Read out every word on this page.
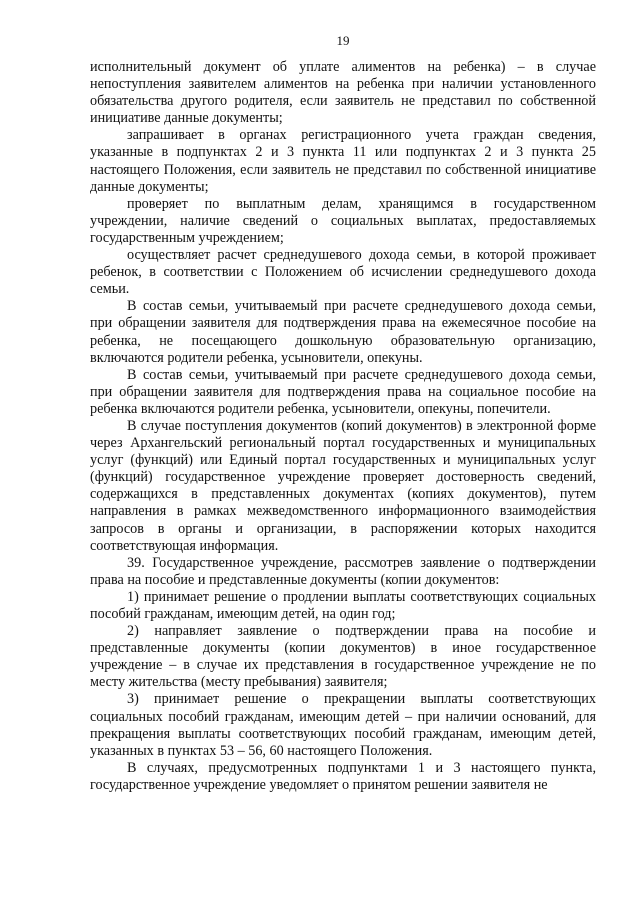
19

исполнительный документ об уплате алиментов на ребенка) – в случае непоступления заявителем алиментов на ребенка при наличии установленного обязательства другого родителя, если заявитель не представил по собственной инициативе данные документы;

запрашивает в органах регистрационного учета граждан сведения, указанные в подпунктах 2 и 3 пункта 11 или подпунктах 2 и 3 пункта 25 настоящего Положения, если заявитель не представил по собственной инициативе данные документы;

проверяет по выплатным делам, хранящимся в государственном учреждении, наличие сведений о социальных выплатах, предоставляемых государственным учреждением;

осуществляет расчет среднедушевого дохода семьи, в которой проживает ребенок, в соответствии с Положением об исчислении среднедушевого дохода семьи.

В состав семьи, учитываемый при расчете среднедушевого дохода семьи, при обращении заявителя для подтверждения права на ежемесячное пособие на ребенка, не посещающего дошкольную образовательную организацию, включаются родители ребенка, усыновители, опекуны.

В состав семьи, учитываемый при расчете среднедушевого дохода семьи, при обращении заявителя для подтверждения права на социальное пособие на ребенка включаются родители ребенка, усыновители, опекуны, попечители.

В случае поступления документов (копий документов) в электронной форме через Архангельский региональный портал государственных и муниципальных услуг (функций) или Единый портал государственных и муниципальных услуг (функций) государственное учреждение проверяет достоверность сведений, содержащихся в представленных документах (копиях документов), путем направления в рамках межведомственного информационного взаимодействия запросов в органы и организации, в распоряжении которых находится соответствующая информация.

39. Государственное учреждение, рассмотрев заявление о подтверждении права на пособие и представленные документы (копии документов:

1) принимает решение о продлении выплаты соответствующих социальных пособий гражданам, имеющим детей, на один год;

2) направляет заявление о подтверждении права на пособие и представленные документы (копии документов) в иное государственное учреждение – в случае их представления в государственное учреждение не по месту жительства (месту пребывания) заявителя;

3) принимает решение о прекращении выплаты соответствующих социальных пособий гражданам, имеющим детей – при наличии оснований, для прекращения выплаты соответствующих пособий гражданам, имеющим детей, указанных в пунктах 53 – 56, 60 настоящего Положения.

В случаях, предусмотренных подпунктами 1 и 3 настоящего пункта, государственное учреждение уведомляет о принятом решении заявителя не
